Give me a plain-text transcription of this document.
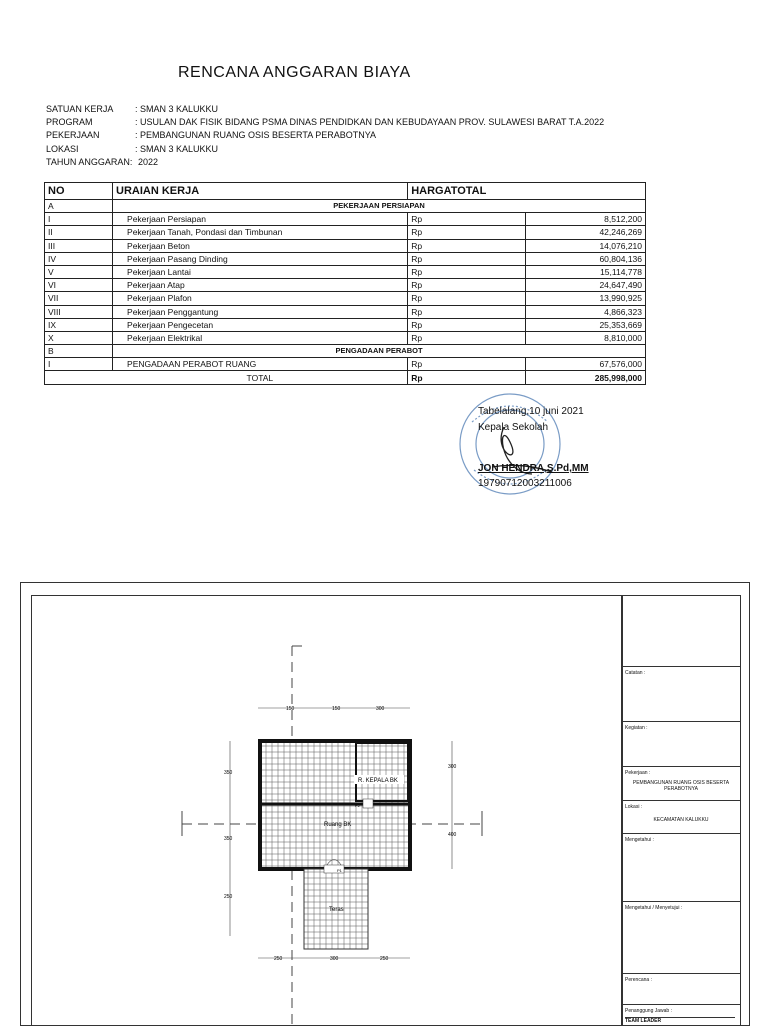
RENCANA ANGGARAN BIAYA
SATUAN KERJA : SMAN 3 KALUKKU
PROGRAM	: USULAN DAK FISIK BIDANG PSMA DINAS PENDIDKAN DAN KEBUDAYAAN PROV. SULAWESI BARAT T.A.2022
PEKERJAAN	: PEMBANGUNAN RUANG OSIS BESERTA PERABOTNYA
LOKASI	: SMAN 3 KALUKKU
TAHUN ANGGARAN: 2022
NO	URAIAN KERJA	HARGATOTAL	
A	PEKERJAAN PERSIAPAN		
I	Pekerjaan Persiapan	Rp	8,512,200
II	Pekerjaan Tanah, Pondasi dan Timbunan	Rp	42,246,269
III	Pekerjaan Beton	Rp	14,076,210
IV	Pekerjaan Pasang Dinding	Rp	60,804,136
V	Pekerjaan Lantai	Rp	15,114,778
VI	Pekerjaan Atap	Rp	24,647,490
VII	Pekerjaan Plafon	Rp	13,990,925
VIII	Pekerjaan Penggantung	Rp	4,866,323
IX	Pekerjaan Pengecetan	Rp	25,353,669
X	Pekerjaan Elektrikal	Rp	8,810,000
B	PENGADAAN PERABOT		
I	PENGADAAN PERABOT RUANG	Rp	67,576,000
	TOTAL	Rp	285,998,000
Tabelalang,10 juni 2021
Kepala Sekolah
JON HENDRA,S.Pd,MM
19790712003211006
R. KEPALA BK
Ruang BK
Teras
P2
P1
150	150	300
250	300	250
350
350
250
300
400
Catatan :
Kegiatan :
Pekerjaan :
PEMBANGUNAN RUANG OSIS BESERTA PERABOTNYA
Lokasi :
KECAMATAN KALUKKU
Mengetahui :
Mengetahui / Menyetujui :
Perencana :
Penanggung Jawab :
TEAM LEADER
